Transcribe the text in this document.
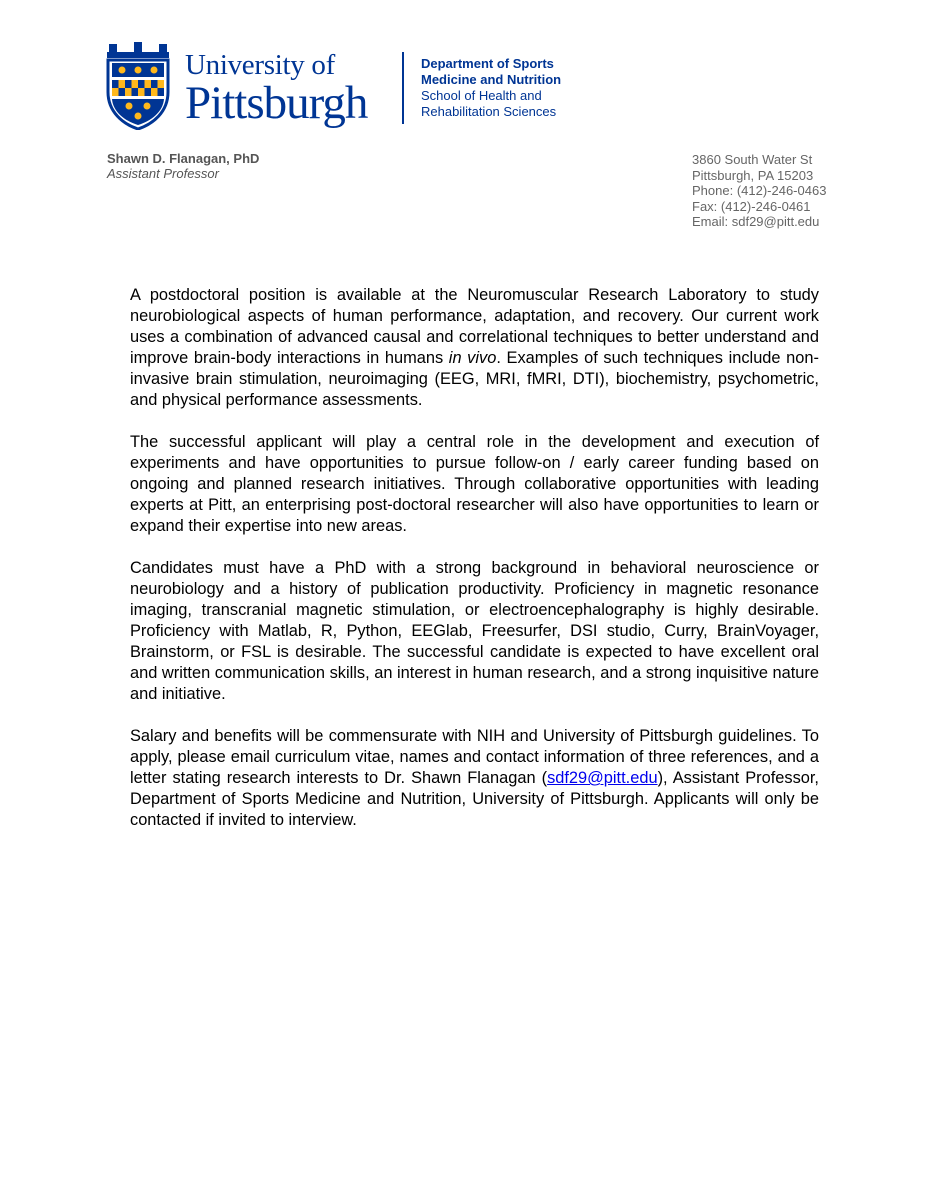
University of
Pittsburgh
Department of Sports
Medicine and Nutrition
School of Health and
Rehabilitation Sciences
Shawn D. Flanagan, PhD
Assistant Professor
3860 South Water St
Pittsburgh, PA 15203
Phone: (412)-246-0463
Fax: (412)-246-0461
Email: sdf29@pitt.edu

A postdoctoral position is available at the Neuromuscular Research Laboratory to study neurobiological aspects of human performance, adaptation, and recovery. Our current work uses a combination of advanced causal and correlational techniques to better understand and improve brain-body interactions in humans in vivo. Examples of such techniques include non-invasive brain stimulation, neuroimaging (EEG, MRI, fMRI, DTI), biochemistry, psychometric, and physical performance assessments.

The successful applicant will play a central role in the development and execution of experiments and have opportunities to pursue follow-on / early career funding based on ongoing and planned research initiatives. Through collaborative opportunities with leading experts at Pitt, an enterprising post-doctoral researcher will also have opportunities to learn or expand their expertise into new areas.

Candidates must have a PhD with a strong background in behavioral neuroscience or neurobiology and a history of publication productivity. Proficiency in magnetic resonance imaging, transcranial magnetic stimulation, or electroencephalography is highly desirable. Proficiency with Matlab, R, Python, EEGlab, Freesurfer, DSI studio, Curry, BrainVoyager, Brainstorm, or FSL is desirable. The successful candidate is expected to have excellent oral and written communication skills, an interest in human research, and a strong inquisitive nature and initiative.

Salary and benefits will be commensurate with NIH and University of Pittsburgh guidelines. To apply, please email curriculum vitae, names and contact information of three references, and a letter stating research interests to Dr. Shawn Flanagan (sdf29@pitt.edu), Assistant Professor, Department of Sports Medicine and Nutrition, University of Pittsburgh. Applicants will only be contacted if invited to interview.
